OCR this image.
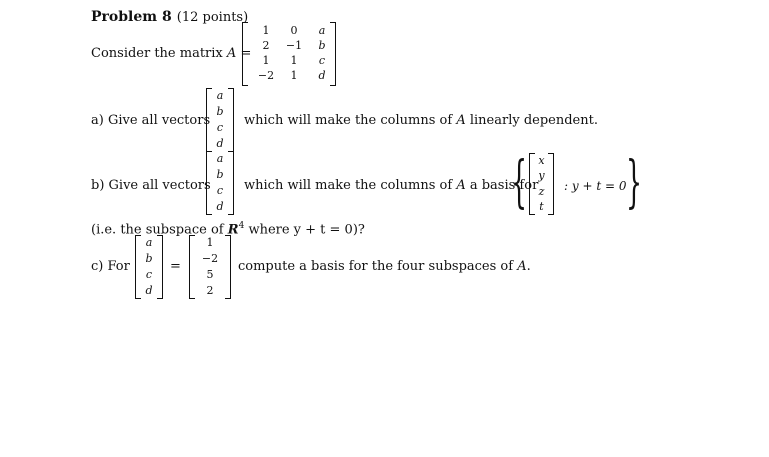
Problem 8 (12 points)
Consider the matrix A =
1	0	a
2	−1	b
1	1	c
−2	1	d
a) Give all vectors
a
b
c
d
which will make the columns of A linearly dependent.
b) Give all vectors
a
b
c
d
which will make the columns of A a basis for
{	x
y
z
t
: y + t = 0 }
(i.e. the subspace of $R^4$ where y + t = 0)?
c) For
a
b
c
d
=
1
−2
5
2
compute a basis for the four subspaces of A.
